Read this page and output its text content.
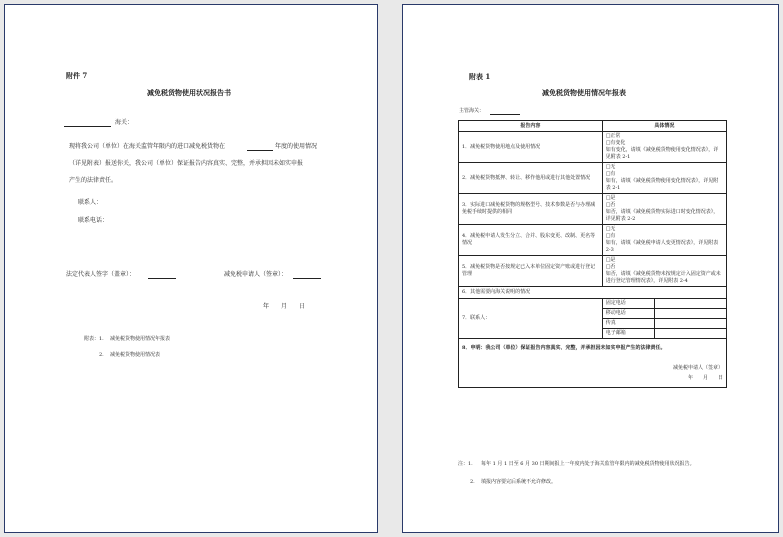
附件 7
减免税货物使用状况报告书
海关：
现将我公司（单位）在海关监管年限内的进口减免税货物在	年度的使用情况
（详见附表）报送你关，我公司（单位）保证报告内容真实、完整，并承担因未如实申报
产生的法律责任。
联系人：
联系电话：
法定代表人签字（盖章）：	减免税申请人（签章）：
年　　月　　日
附表：1. 减免税货物使用情况年报表
2. 减免税货物使用情况表
附表 1
减免税货物使用情况年报表
主管海关：
报告内容	具体情况	
1．减免税货物使用地点及使用情况	□正常
□有变化
如有变化，请填《减免税货物使用变化情况表》，详见附表 2-1	

2．减免税货物抵押、转让、移作他用或进行其他处置情况	□无
□有
如有，请填《减免税货物使用变化情况表》，详见附表 2-1	

3．实际进口减免税货物的规格型号、技术参数是否与办理减免税手续时提供的相同	□是
□否
如否，请填《减免税货物实际进口时变化情况表》，详见附表 2-2	

4．减免税申请人发生分立、合并、股东变更、改制、更名等情况	□无
□有
如有，请填《减免税申请人变更情况表》，详见附表 2-3	

5．减免税货物是否按规定已入本单位固定资产账或进行登记管理	□是
□否
如否，请填《减免税货物未按规定计入固定资产或未进行登记管理情况表》，详见附表 2-4	

6．其他需要向海关说明的情况		
7．联系人：	固定电话	
	移动电话	
	传真	
	电子邮箱	

8．申明：我公司（单位）保证报告内容真实、完整，并承担因未如实申报产生的法律责任。
减免税申请人（签章）
年　　月　　日		
注：1. 每年 1 月 1 日至 6 月 30 日期间报上一年度内处于海关监管年限内的减免税货物使用状况报告。
2. 填报内容要完后系统不允许修改。
